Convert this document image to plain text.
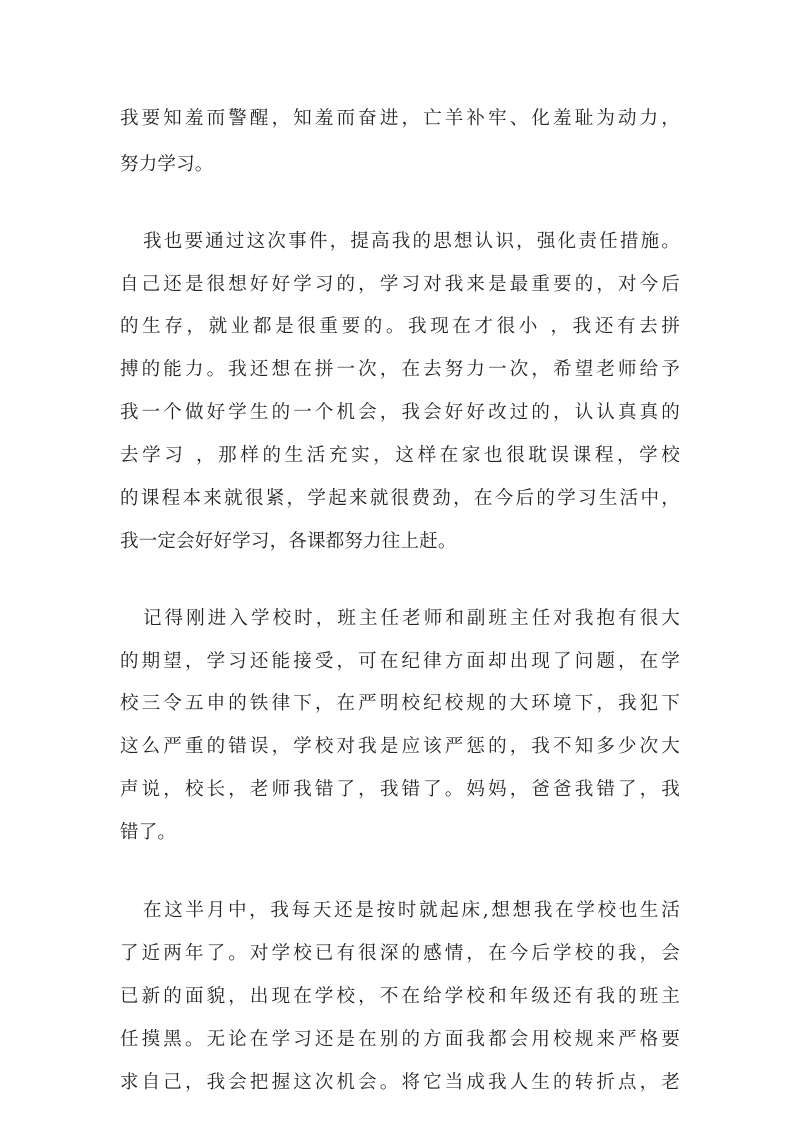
我要知羞而警醒，知羞而奋进，亡羊补牢、化羞耻为动力，
努力学习。
我也要通过这次事件，提高我的思想认识，强化责任措施。
自己还是很想好好学习的，学习对我来是最重要的，对今后
的生存，就业都是很重要的。我现在才很小 ，我还有去拼
搏的能力。我还想在拼一次，在去努力一次，希望老师给予
我一个做好学生的一个机会，我会好好改过的，认认真真的
去学习 ，那样的生活充实，这样在家也很耽误课程，学校
的课程本来就很紧，学起来就很费劲，在今后的学习生活中，
我一定会好好学习，各课都努力往上赶。
记得刚进入学校时，班主任老师和副班主任对我抱有很大
的期望，学习还能接受，可在纪律方面却出现了问题，在学
校三令五申的铁律下，在严明校纪校规的大环境下，我犯下
这么严重的错误，学校对我是应该严惩的，我不知多少次大
声说，校长，老师我错了，我错了。妈妈，爸爸我错了，我
错了。
在这半月中，我每天还是按时就起床,想想我在学校也生活
了近两年了。对学校已有很深的感情，在今后学校的我，会
已新的面貌，出现在学校，不在给学校和年级还有我的班主
任摸黑。无论在学习还是在别的方面我都会用校规来严格要
求自己，我会把握这次机会。将它当成我人生的转折点，老
